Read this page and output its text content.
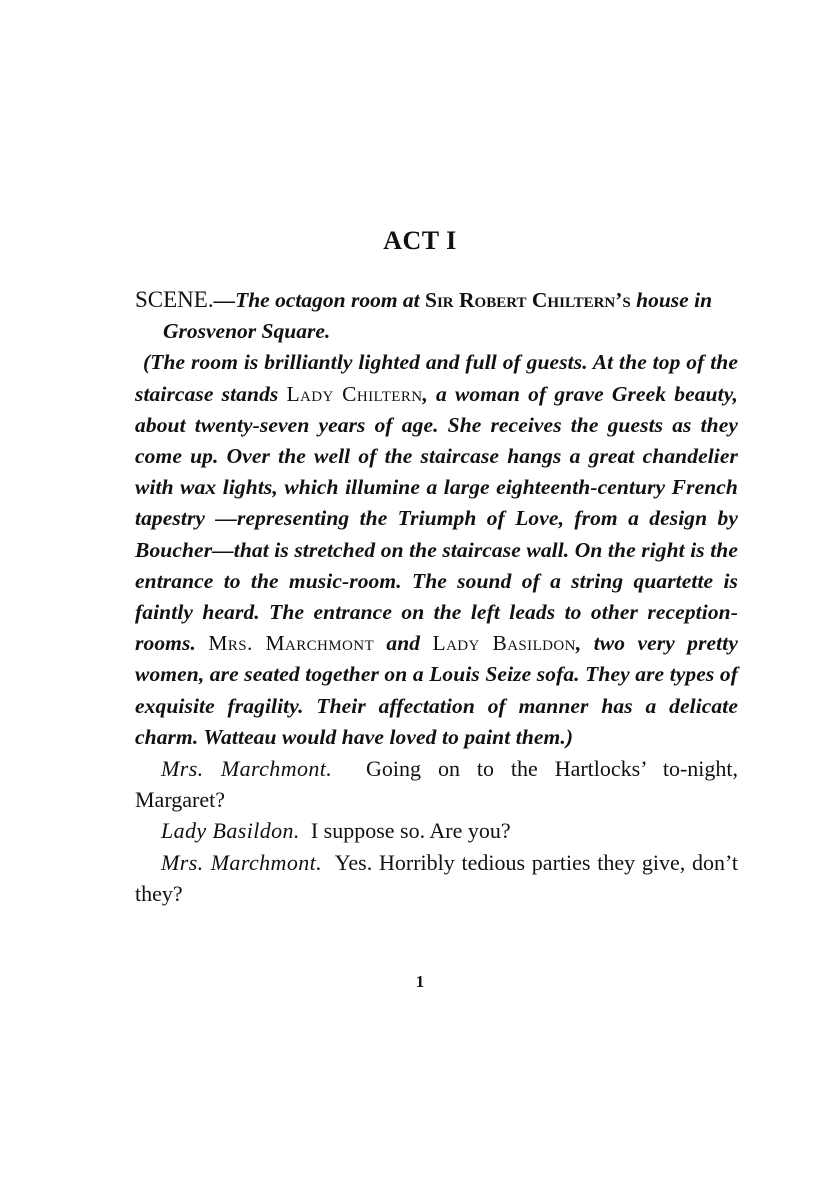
ACT I

SCENE.—The octagon room at Sir Robert Chiltern’s house in Grosvenor Square.

(The room is brilliantly lighted and full of guests. At the top of the staircase stands Lady Chiltern, a woman of grave Greek beauty, about twenty-seven years of age. She receives the guests as they come up. Over the well of the staircase hangs a great chandelier with wax lights, which illumine a large eighteenth-century French tapestry —representing the Triumph of Love, from a design by Boucher—that is stretched on the staircase wall. On the right is the entrance to the music-room. The sound of a string quartette is faintly heard. The entrance on the left leads to other reception-rooms. Mrs. Marchmont and Lady Basildon, two very pretty women, are seated together on a Louis Seize sofa. They are types of exquisite fragility. Their affectation of manner has a delicate charm. Watteau would have loved to paint them.)

Mrs. Marchmont. Going on to the Hartlocks’ to-night, Margaret?

Lady Basildon. I suppose so. Are you?

Mrs. Marchmont. Yes. Horribly tedious parties they give, don’t they?

1
